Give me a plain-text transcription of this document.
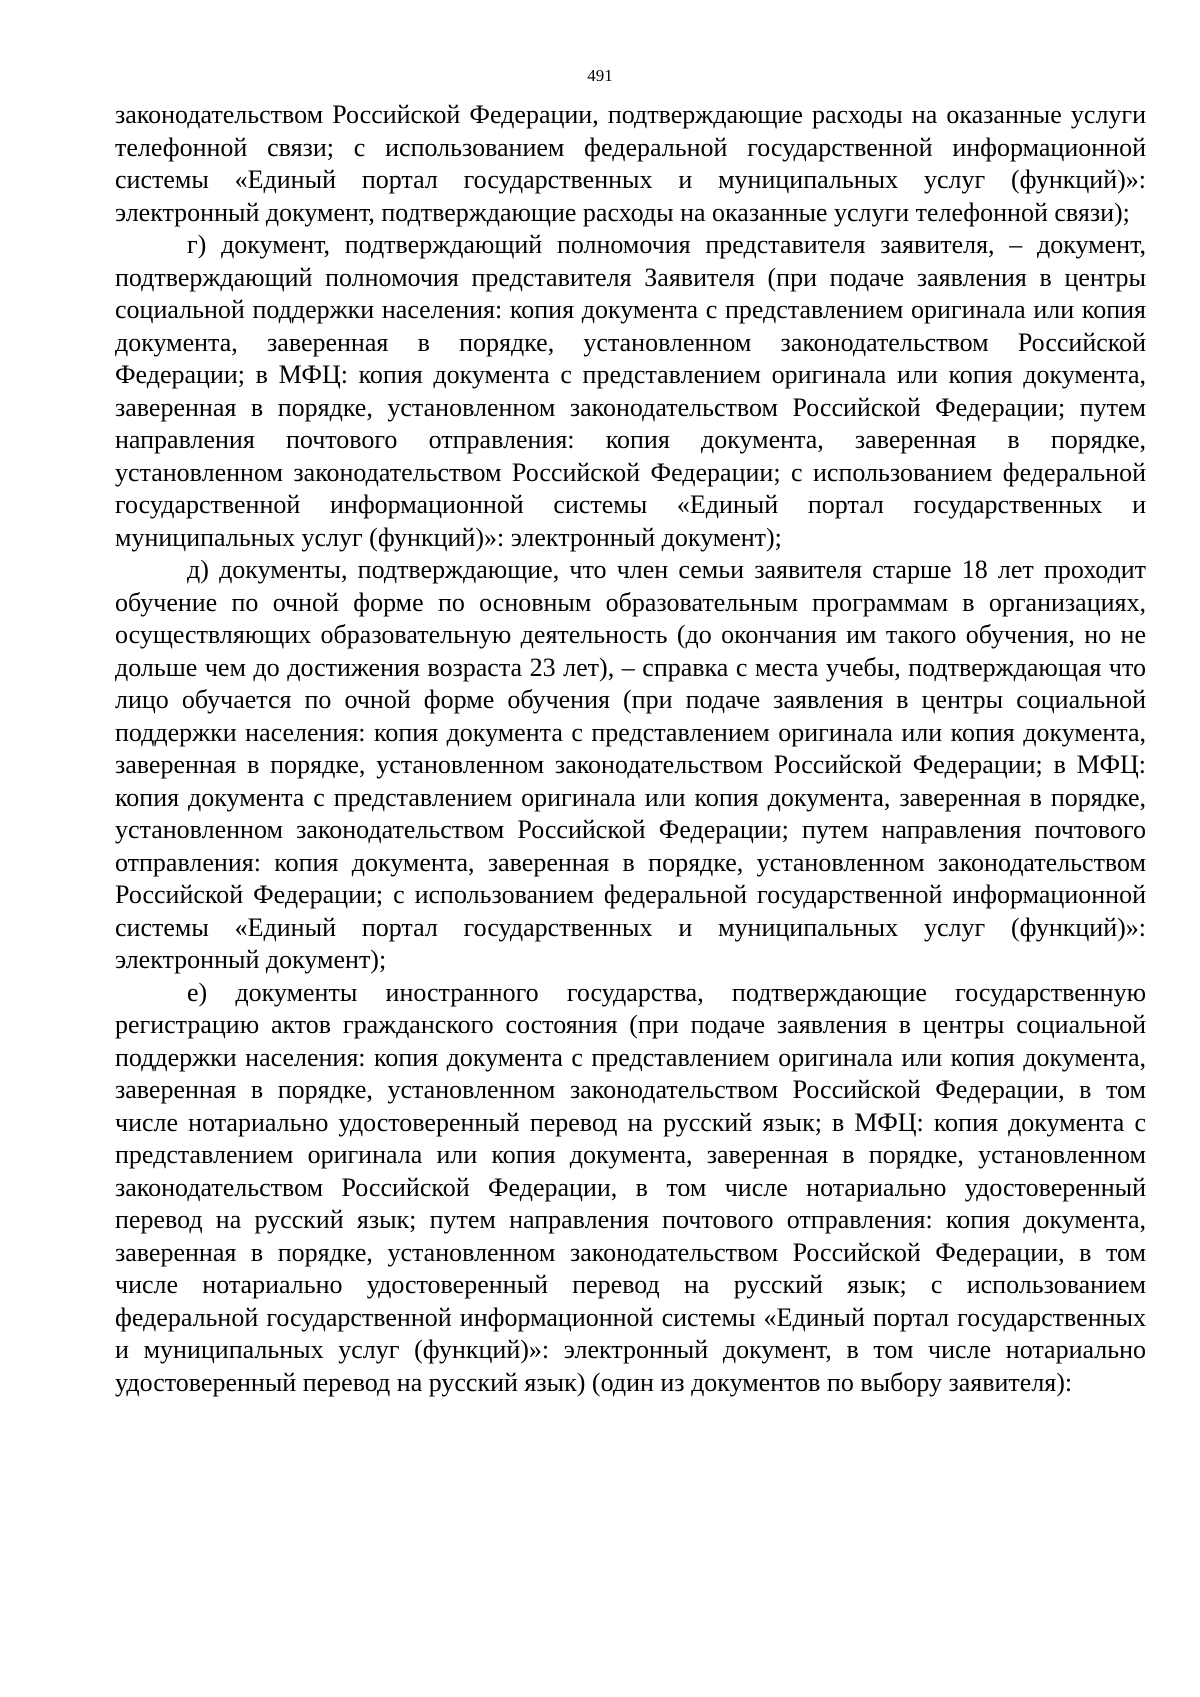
491

законодательством Российской Федерации, подтверждающие расходы на оказанные услуги телефонной связи; с использованием федеральной государственной информационной системы «Единый портал государственных и муниципальных услуг (функций)»: электронный документ, подтверждающие расходы на оказанные услуги телефонной связи);

г) документ, подтверждающий полномочия представителя заявителя, – документ, подтверждающий полномочия представителя Заявителя (при подаче заявления в центры социальной поддержки населения: копия документа с представлением оригинала или копия документа, заверенная в порядке, установленном законодательством Российской Федерации; в МФЦ: копия документа с представлением оригинала или копия документа, заверенная в порядке, установленном законодательством Российской Федерации; путем направления почтового отправления: копия документа, заверенная в порядке, установленном законодательством Российской Федерации; с использованием федеральной государственной информационной системы «Единый портал государственных и муниципальных услуг (функций)»: электронный документ);

д) документы, подтверждающие, что член семьи заявителя старше 18 лет проходит обучение по очной форме по основным образовательным программам в организациях, осуществляющих образовательную деятельность (до окончания им такого обучения, но не дольше чем до достижения возраста 23 лет), – справка с места учебы, подтверждающая что лицо обучается по очной форме обучения (при подаче заявления в центры социальной поддержки населения: копия документа с представлением оригинала или копия документа, заверенная в порядке, установленном законодательством Российской Федерации; в МФЦ: копия документа с представлением оригинала или копия документа, заверенная в порядке, установленном законодательством Российской Федерации; путем направления почтового отправления: копия документа, заверенная в порядке, установленном законодательством Российской Федерации; с использованием федеральной государственной информационной системы «Единый портал государственных и муниципальных услуг (функций)»: электронный документ);

е) документы иностранного государства, подтверждающие государственную регистрацию актов гражданского состояния (при подаче заявления в центры социальной поддержки населения: копия документа с представлением оригинала или копия документа, заверенная в порядке, установленном законодательством Российской Федерации, в том числе нотариально удостоверенный перевод на русский язык; в МФЦ: копия документа с представлением оригинала или копия документа, заверенная в порядке, установленном законодательством Российской Федерации, в том числе нотариально удостоверенный перевод на русский язык; путем направления почтового отправления: копия документа, заверенная в порядке, установленном законодательством Российской Федерации, в том числе нотариально удостоверенный перевод на русский язык; с использованием федеральной государственной информационной системы «Единый портал государственных и муниципальных услуг (функций)»: электронный документ, в том числе нотариально удостоверенный перевод на русский язык) (один из документов по выбору заявителя):
